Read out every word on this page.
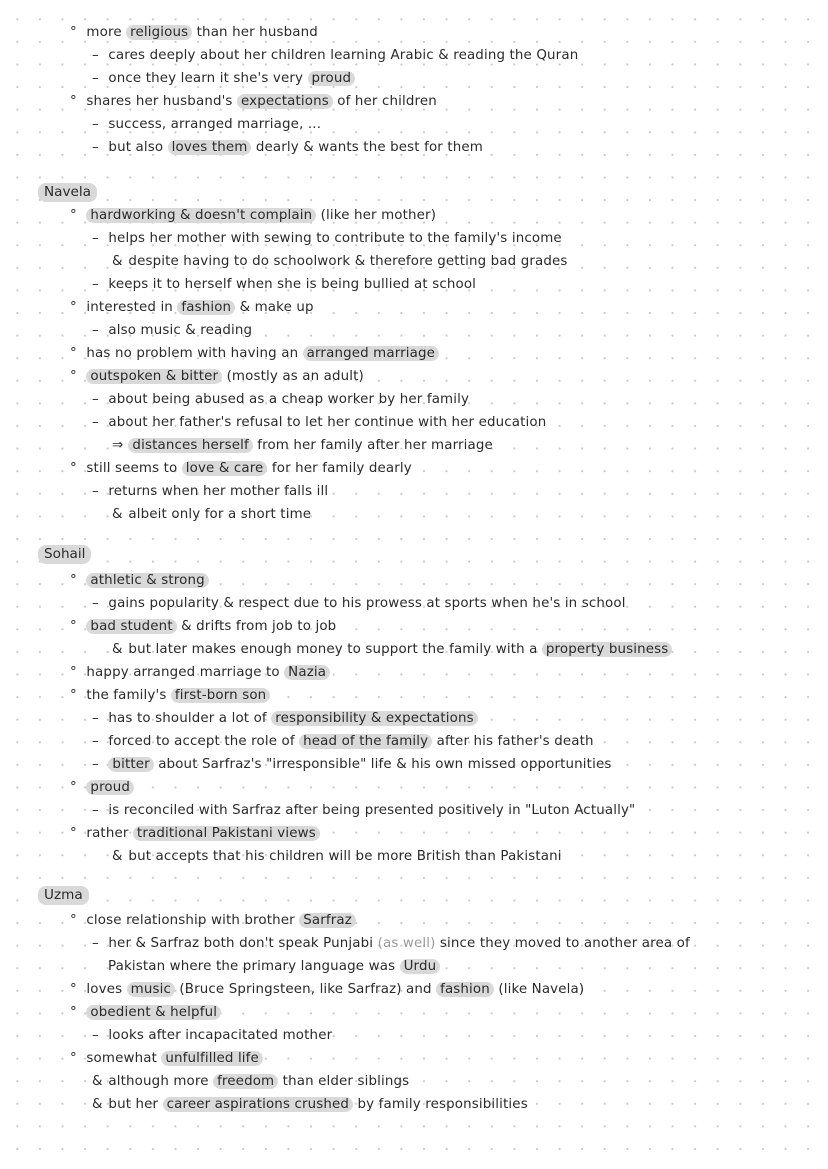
° more religious than her husband
– cares deeply about her children learning Arabic & reading the Quran
– once they learn it she's very proud
° shares her husband's expectations of her children
– success, arranged marriage, ...
– but also loves them dearly & wants the best for them
Navela
° hardworking & doesn't complain (like her mother)
– helps her mother with sewing to contribute to the family's income
& despite having to do schoolwork & therefore getting bad grades
– keeps it to herself when she is being bullied at school
° interested in fashion & make up
– also music & reading
° has no problem with having an arranged marriage
° outspoken & bitter (mostly as an adult)
– about being abused as a cheap worker by her family
– about her father's refusal to let her continue with her education
⇒ distances herself from her family after her marriage
° still seems to love & care for her family dearly
– returns when her mother falls ill
& albeit only for a short time
Sohail
° athletic & strong
– gains popularity & respect due to his prowess at sports when he's in school
° bad student & drifts from job to job
& but later makes enough money to support the family with a property business
° happy arranged marriage to Nazia
° the family's first-born son
– has to shoulder a lot of responsibility & expectations
– forced to accept the role of head of the family after his father's death
– bitter about Sarfraz's "irresponsible" life & his own missed opportunities
° proud
– is reconciled with Sarfraz after being presented positively in "Luton Actually"
° rather traditional Pakistani views
& but accepts that his children will be more British than Pakistani
Uzma
° close relationship with brother Sarfraz
– her & Sarfraz both don't speak Punjabi (as well) since they moved to another area of
Pakistan where the primary language was Urdu
° loves music (Bruce Springsteen, like Sarfraz) and fashion (like Navela)
° obedient & helpful
– looks after incapacitated mother
° somewhat unfulfilled life
& although more freedom than elder siblings
& but her career aspirations crushed by family responsibilities
